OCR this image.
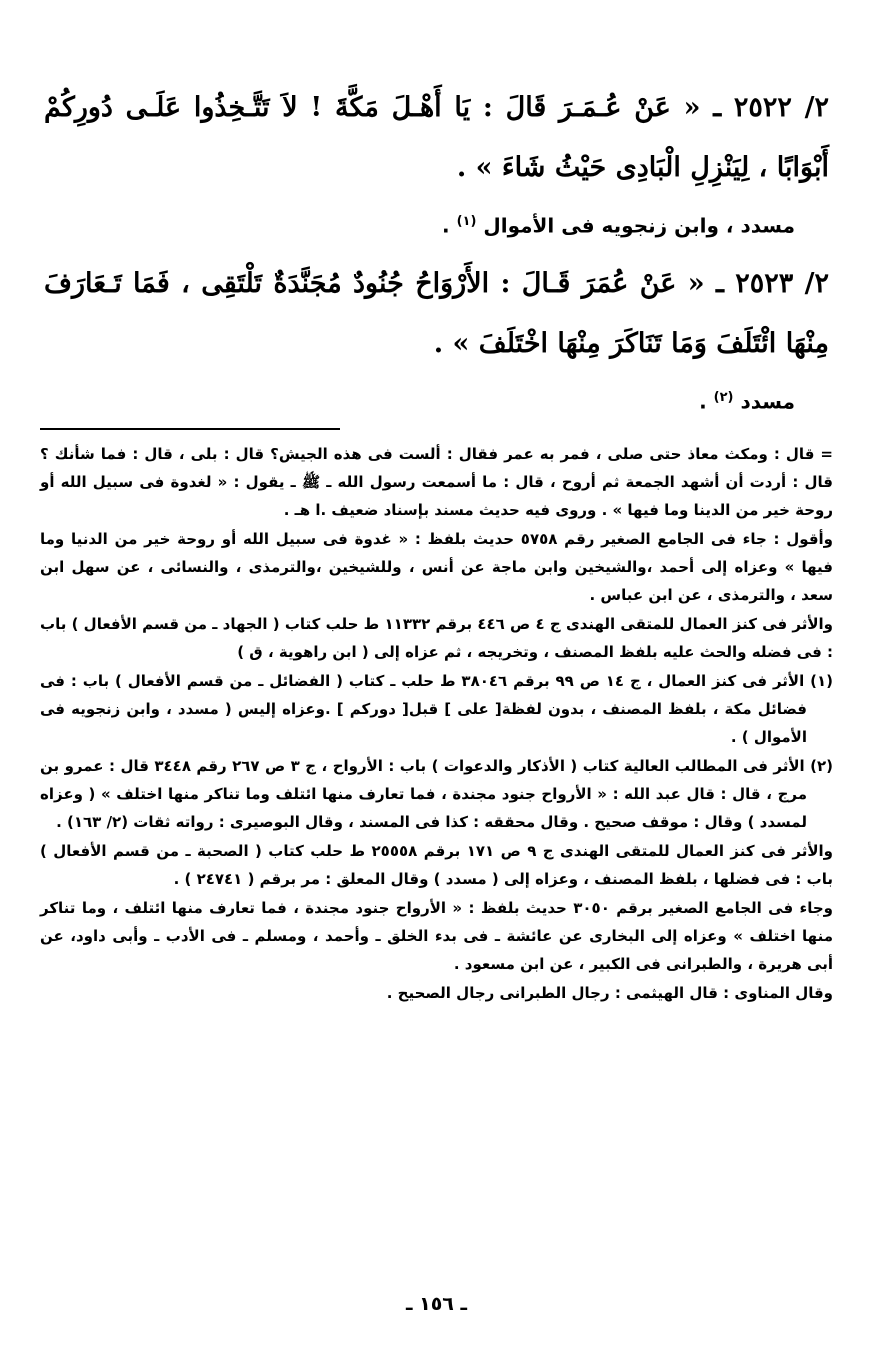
٢/ ٢٥٢٢ ـ « عَنْ عُـمَـرَ قَالَ : يَا أَهْـلَ مَكَّةَ ! لاَ تَتَّـخِذُوا عَلَـى دُورِكُمْ أَبْوَابًا ، لِيَنْزِلِ الْبَادِى حَيْثُ شَاءَ » .

مسدد ، وابن زنجويه فى الأموال $^{(١)}$ .

٢/ ٢٥٢٣ ـ « عَنْ عُمَرَ قَـالَ : الأَرْوَاحُ جُنُودٌ مُجَنَّدَةٌ تَلْتَقِى ، فَمَا تَـعَارَفَ مِنْهَا ائْتَلَفَ وَمَا تَنَاكَرَ مِنْهَا اخْتَلَفَ » .

مسدد $^{(٢)}$ .

= قال : ومكث معاذ حتى صلى ، فمر به عمر فقال : ألست فى هذه الجيش؟ قال : بلى ، قال : فما شأنك ؟ قال : أردت أن أشهد الجمعة ثم أروح ، قال : ما أسمعت رسول الله ـ ﷺ ـ يقول : « لغدوة فى سبيل الله أو روحة خير من الدينا وما فيها » . وروى فيه حديث مسند بإسناد ضعيف .ا هـ .

وأقول : جاء فى الجامع الصغير رقم ٥٧٥٨ حديث بلفظ : « غدوة فى سبيل الله أو روحة خير من الدنيا وما فيها » وعزاه إلى أحمد ،والشيخين وابن ماجة عن أنس ، وللشيخين ،والترمذى ، والنسائى ، عن سهل ابن سعد ، والترمذى ، عن ابن عباس .

والأثر فى كنز العمال للمتقى الهندى ج ٤ ص ٤٤٦ برقم ١١٣٣٢ ط حلب كتاب ( الجهاد ـ من قسم الأفعال ) باب : فى فضله والحث عليه بلفظ المصنف ، وتخريجه ، ثم عزاه إلى ( ابن راهوية ، ق )

(١) الأثر فى كنز العمال ، ج ١٤ ص ٩٩ برقم ٣٨٠٤٦ ط حلب ـ كتاب ( الفضائل ـ من قسم الأفعال ) باب : فى فضائل مكة ، بلفظ المصنف ، بدون لفظة[ على ] قبل[ دوركم ] .وعزاه إليس ( مسدد ، وابن زنجويه فى الأموال ) .

(٢) الأثر فى المطالب العالية كتاب ( الأذكار والدعوات ) باب : الأرواح ، ج ٣ ص ٢٦٧ رقم ٣٤٤٨ قال : عمرو بن مرج ، قال : قال عبد الله : « الأرواح جنود مجندة ، فما تعارف منها ائتلف وما تناكر منها اختلف » ( وعزاه لمسدد ) وقال : موقف صحيح . وقال محققه : كذا فى المسند ، وقال البوصيرى : رواته ثقات (٢/ ١٦٣) .

والأثر فى كنز العمال للمتقى الهندى ج ٩ ص ١٧١ برقم ٢٥٥٥٨ ط حلب كتاب ( الصحبة ـ من قسم الأفعال ) باب : فى فضلها ، بلفظ المصنف ، وعزاه إلى ( مسدد ) وقال المعلق : مر برقم ( ٢٤٧٤١ ) .

وجاء فى الجامع الصغير برقم ٣٠٥٠ حديث بلفظ : « الأرواح جنود مجندة ، فما تعارف منها ائتلف ، وما تناكر منها اختلف » وعزاه إلى البخارى عن عائشة ـ فى بدء الخلق ـ وأحمد ، ومسلم ـ فى الأدب ـ وأبى داود، عن أبى هريرة ، والطبرانى فى الكبير ، عن ابن مسعود .

وقال المناوى : قال الهيثمى : رجال الطبرانى رجال الصحيح .

ـ ١٥٦ ـ
